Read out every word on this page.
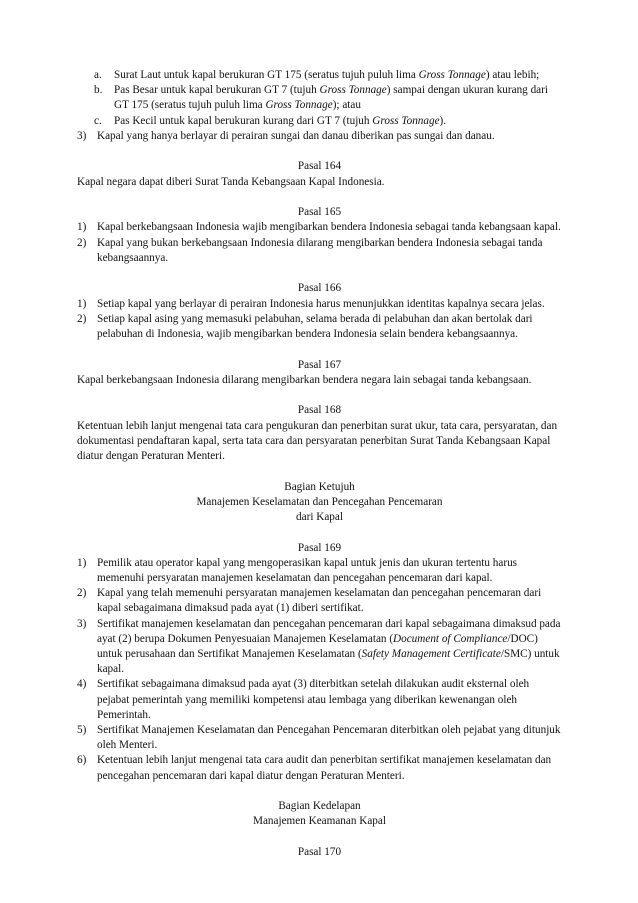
a.	Surat Laut untuk kapal berukuran GT 175 (seratus tujuh puluh lima Gross Tonnage) atau lebih;
b.	Pas Besar untuk kapal berukuran GT 7 (tujuh Gross Tonnage) sampai dengan ukuran kurang dari GT 175 (seratus tujuh puluh lima Gross Tonnage); atau
c.	Pas Kecil untuk kapal berukuran kurang dari GT 7 (tujuh Gross Tonnage).
3) Kapal yang hanya berlayar di perairan sungai dan danau diberikan pas sungai dan danau.
Pasal 164
Kapal negara dapat diberi Surat Tanda Kebangsaan Kapal Indonesia.
Pasal 165
1) Kapal berkebangsaan Indonesia wajib mengibarkan bendera Indonesia sebagai tanda kebangsaan kapal.
2) Kapal yang bukan berkebangsaan Indonesia dilarang mengibarkan bendera Indonesia sebagai tanda kebangsaannya.
Pasal 166
1) Setiap kapal yang berlayar di perairan Indonesia harus menunjukkan identitas kapalnya secara jelas.
2) Setiap kapal asing yang memasuki pelabuhan, selama berada di pelabuhan dan akan bertolak dari pelabuhan di Indonesia, wajib mengibarkan bendera Indonesia selain bendera kebangsaannya.
Pasal 167
Kapal berkebangsaan Indonesia dilarang mengibarkan bendera negara lain sebagai tanda kebangsaan.
Pasal 168
Ketentuan lebih lanjut mengenai tata cara pengukuran dan penerbitan surat ukur, tata cara, persyaratan, dan dokumentasi pendaftaran kapal, serta tata cara dan persyaratan penerbitan Surat Tanda Kebangsaan Kapal diatur dengan Peraturan Menteri.
Bagian Ketujuh
Manajemen Keselamatan dan Pencegahan Pencemaran
dari Kapal
Pasal 169
1) Pemilik atau operator kapal yang mengoperasikan kapal untuk jenis dan ukuran tertentu harus memenuhi persyaratan manajemen keselamatan dan pencegahan pencemaran dari kapal.
2) Kapal yang telah memenuhi persyaratan manajemen keselamatan dan pencegahan pencemaran dari kapal sebagaimana dimaksud pada ayat (1) diberi sertifikat.
3) Sertifikat manajemen keselamatan dan pencegahan pencemaran dari kapal sebagaimana dimaksud pada ayat (2) berupa Dokumen Penyesuaian Manajemen Keselamatan (Document of Compliance/DOC) untuk perusahaan dan Sertifikat Manajemen Keselamatan (Safety Management Certificate/SMC) untuk kapal.
4) Sertifikat sebagaimana dimaksud pada ayat (3) diterbitkan setelah dilakukan audit eksternal oleh pejabat pemerintah yang memiliki kompetensi atau lembaga yang diberikan kewenangan oleh Pemerintah.
5) Sertifikat Manajemen Keselamatan dan Pencegahan Pencemaran diterbitkan oleh pejabat yang ditunjuk oleh Menteri.
6) Ketentuan lebih lanjut mengenai tata cara audit dan penerbitan sertifikat manajemen keselamatan dan pencegahan pencemaran dari kapal diatur dengan Peraturan Menteri.
Bagian Kedelapan
Manajemen Keamanan Kapal
Pasal 170
